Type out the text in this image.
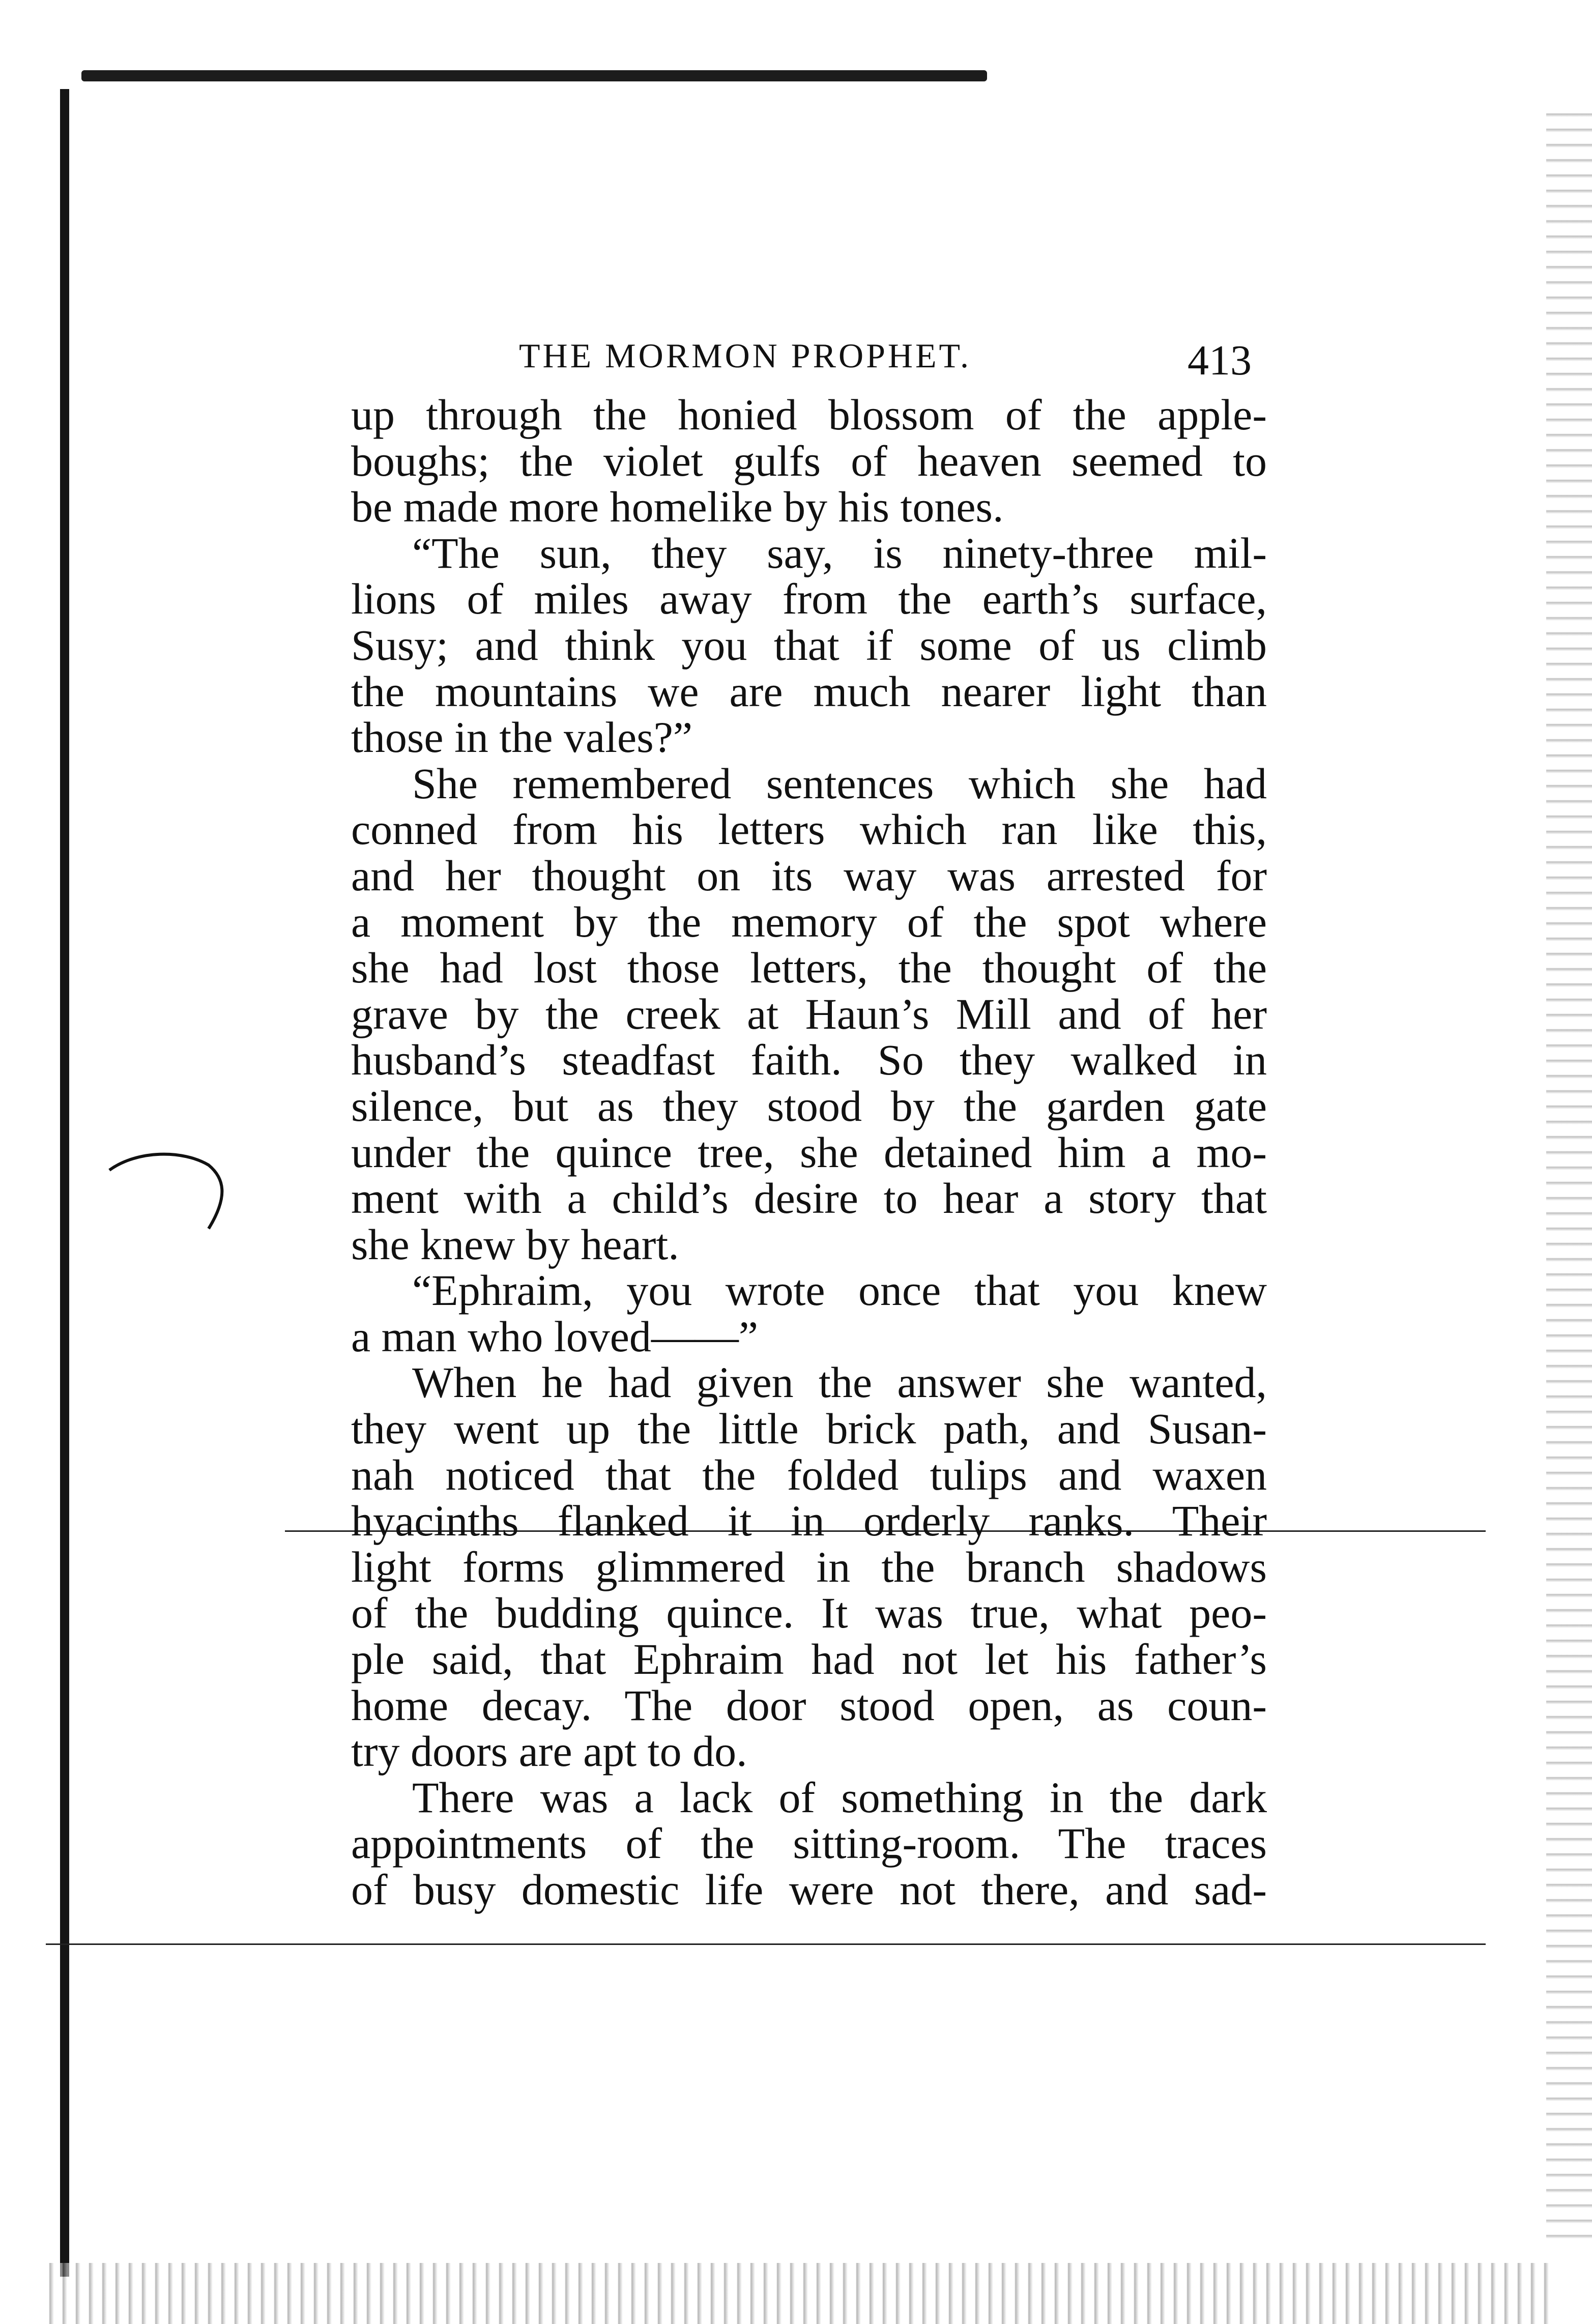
THE MORMON PROPHET.	413
up through the honied blossom of the apple-
boughs; the violet gulfs of heaven seemed to
be made more homelike by his tones.
“The sun, they say, is ninety-three mil-
lions of miles away from the earth’s surface,
Susy; and think you that if some of us climb
the mountains we are much nearer light than
those in the vales?”
She remembered sentences which she had
conned from his letters which ran like this,
and her thought on its way was arrested for
a moment by the memory of the spot where
she had lost those letters, the thought of the
grave by the creek at Haun’s Mill and of her
husband’s steadfast faith. So they walked in
silence, but as they stood by the garden gate
under the quince tree, she detained him a mo-
ment with a child’s desire to hear a story that
she knew by heart.
“Ephraim, you wrote once that you knew
a man who loved——”
When he had given the answer she wanted,
they went up the little brick path, and Susan-
nah noticed that the folded tulips and waxen
hyacinths flanked it in orderly ranks. Their
light forms glimmered in the branch shadows
of the budding quince. It was true, what peo-
ple said, that Ephraim had not let his father’s
home decay. The door stood open, as coun-
try doors are apt to do.
There was a lack of something in the dark
appointments of the sitting-room. The traces
of busy domestic life were not there, and sad-
